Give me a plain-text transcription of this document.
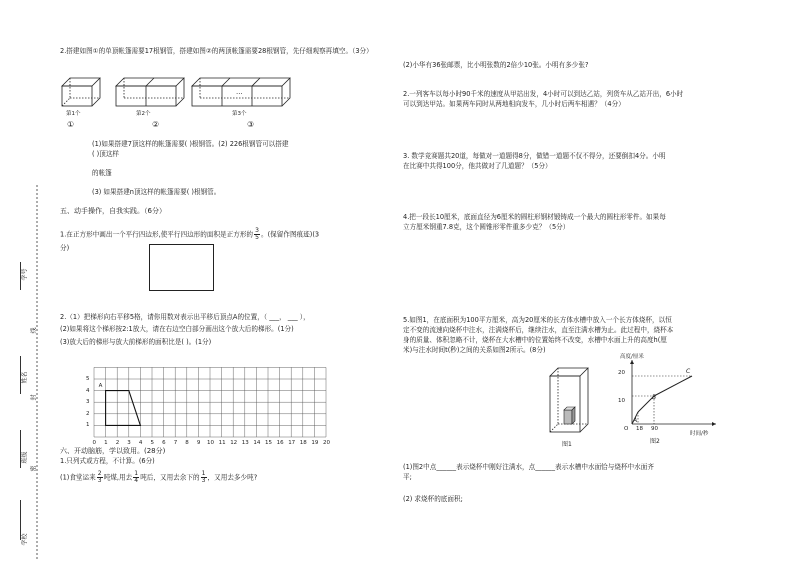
学号
姓名
班级
学校
线
封
密
2.搭建如图①的单顶帐篷需要17根钢管，搭建如图②的两顶帐篷需要28根钢管，先仔细观察再填空。（3分）
…
第1个	第2个	第3个
①	②	③
(1)如果搭建7顶这样的帐篷需要( )根钢管。(2) 226根钢管可以搭建
( )顶这样
的帐篷
(3) 如果搭建n顶这样的帐篷需要( )根钢管。
五、动手操作，自我实践。（6分）
1.在正方形中画出一个平行四边形,使平行四边形的面积是正方形的 $\frac{3}{5}$ 。(保留作图痕迹)(3
分)
2.（1）把梯形向右平移5格，请你用数对表示出平移后顶点A的位置，（ ___， ___ ），
(2)如果将这个梯形按2:1放大，请在右边空白部分画出这个放大后的梯形。(1分)
(3)放大后的梯形与放大前梯形的面积比是( )。(1分)
0 1 2 3 4 5 6 7 8 9 10 11 12 13 14 15 16 17 18 19 20
1
2
3
4
5
A
六、开动脑筋，学以致用。(28分)
1.只列式或方程，不计算。(6分)
(1)食堂运来 $\frac{2}{3}$ 吨煤,用去 $\frac{1}{4}$ 吨后，又用去余下的 $\frac{1}{3}$ ，又用去多少吨?
(2)小华有36张邮票，比小明张数的2倍少10张。小明有多少张?
2.一列客车以每小时90千米的速度从甲站出发，4小时可以到达乙站，列货车从乙站开出，6小时
可以到达甲站。如果两车同时从两地相向发车，几小时后两车相遇？（4分）
3. 数学竞赛题共20道，每做对一道题得8分，做错一道题不仅不得分，还要倒扣4分。小明
在比赛中共得100分，他共做对了几道题？（5分）
4.把一段长10厘米，底面直径为6厘米的圆柱形钢材锻铸成一个最大的圆柱形零件。如果每
立方厘米钢重7.8克，这个圆锥形零件重多少克？（5分）
5.如图1，在底面积为100平方厘米，高为20厘米的长方体水槽中放入一个长方体烧杯，以恒
定不变的流速向烧杯中注水，注满烧杯后，继续注水，直至注满水槽为止。此过程中，烧杯本
身的质量、体积忽略不计，烧杯在大水槽中的位置始终不改变，水槽中水面上升的高度h(厘
米)与注水时间t(秒)之间的关系如图2所示。(8分)
图1
高度/厘米
时间/秒
20
10
O 18 90
A
B
C
图2
(1)图2中点______表示烧杯中刚好注满水，点______表示水槽中水面恰与烧杯中水面齐
平;
(2) 求烧杯的底面积;
